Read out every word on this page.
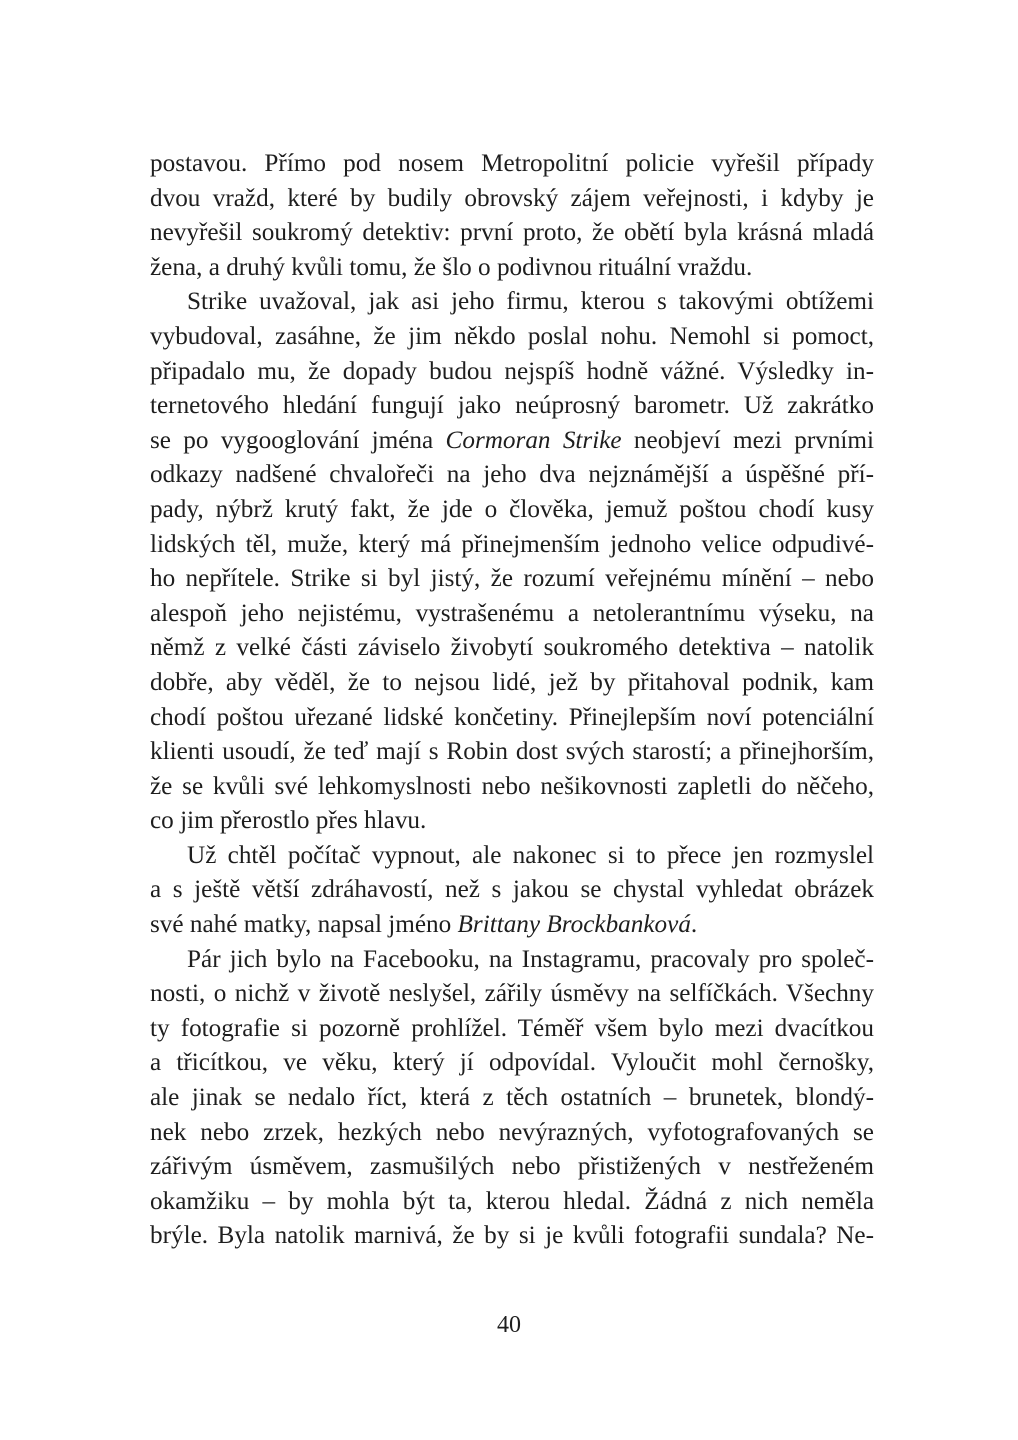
postavou. Přímo pod nosem Metropolitní policie vyřešil případy
dvou vražd, které by budily obrovský zájem veřejnosti, i kdyby je
nevyřešil soukromý detektiv: první proto, že obětí byla krásná mladá
žena, a druhý kvůli tomu, že šlo o podivnou rituální vraždu.
Strike uvažoval, jak asi jeho firmu, kterou s takovými obtížemi
vybudoval, zasáhne, že jim někdo poslal nohu. Nemohl si pomoct,
připadalo mu, že dopady budou nejspíš hodně vážné. Výsledky in-
ternetového hledání fungují jako neúprosný barometr. Už zakrátko
se po vygooglování jména Cormoran Strike neobjeví mezi prvními
odkazy nadšené chvalořeči na jeho dva nejznámější a úspěšné pří-
pady, nýbrž krutý fakt, že jde o člověka, jemuž poštou chodí kusy
lidských těl, muže, který má přinejmenším jednoho velice odpudivé-
ho nepřítele. Strike si byl jistý, že rozumí veřejnému mínění – nebo
alespoň jeho nejistému, vystrašenému a netolerantnímu výseku, na
němž z velké části záviselo živobytí soukromého detektiva – natolik
dobře, aby věděl, že to nejsou lidé, jež by přitahoval podnik, kam
chodí poštou uřezané lidské končetiny. Přinejlepším noví potenciální
klienti usoudí, že teď mají s Robin dost svých starostí; a přinejhorším,
že se kvůli své lehkomyslnosti nebo nešikovnosti zapletli do něčeho,
co jim přerostlo přes hlavu.
Už chtěl počítač vypnout, ale nakonec si to přece jen rozmyslel
a s ještě větší zdráhavostí, než s jakou se chystal vyhledat obrázek
své nahé matky, napsal jméno Brittany Brockbanková.
Pár jich bylo na Facebooku, na Instagramu, pracovaly pro společ-
nosti, o nichž v životě neslyšel, zářily úsměvy na selfíčkách. Všechny
ty fotografie si pozorně prohlížel. Téměř všem bylo mezi dvacítkou
a třicítkou, ve věku, který jí odpovídal. Vyloučit mohl černošky,
ale jinak se nedalo říct, která z těch ostatních – brunetek, blondý-
nek nebo zrzek, hezkých nebo nevýrazných, vyfotografovaných se
zářivým úsměvem, zasmušilých nebo přistižených v nestřeženém
okamžiku – by mohla být ta, kterou hledal. Žádná z nich neměla
brýle. Byla natolik marnivá, že by si je kvůli fotografii sundala? Ne-
40
